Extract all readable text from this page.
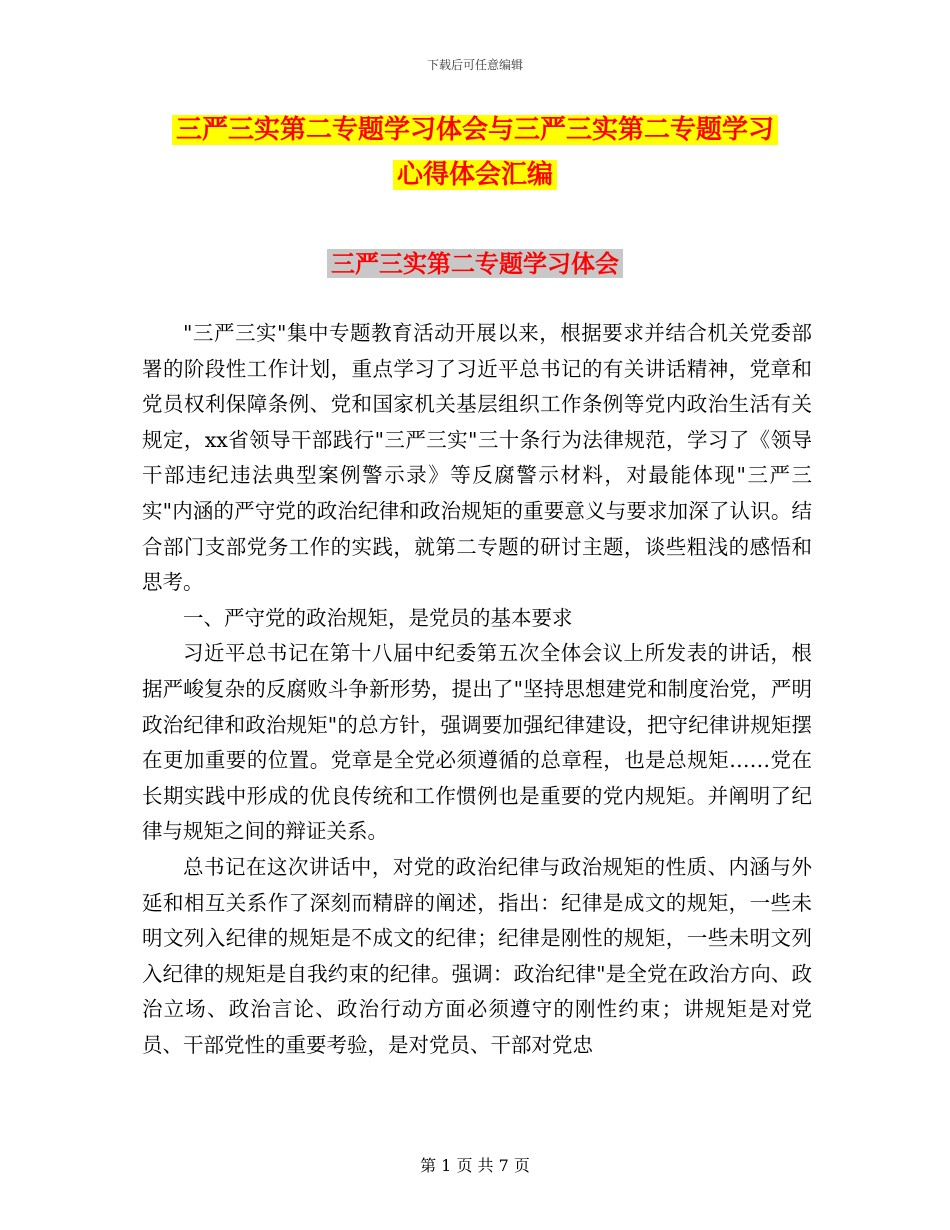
下载后可任意编辑
三严三实第二专题学习体会与三严三实第二专题学习
心得体会汇编
三严三实第二专题学习体会

"三严三实"集中专题教育活动开展以来，根据要求并结合机关党委部署的阶段性工作计划，重点学习了习近平总书记的有关讲话精神，党章和党员权利保障条例、党和国家机关基层组织工作条例等党内政治生活有关规定，xx省领导干部践行"三严三实"三十条行为法律规范，学习了《领导干部违纪违法典型案例警示录》等反腐警示材料，对最能体现"三严三实"内涵的严守党的政治纪律和政治规矩的重要意义与要求加深了认识。结合部门支部党务工作的实践，就第二专题的研讨主题，谈些粗浅的感悟和思考。

一、严守党的政治规矩，是党员的基本要求

习近平总书记在第十八届中纪委第五次全体会议上所发表的讲话，根据严峻复杂的反腐败斗争新形势，提出了"坚持思想建党和制度治党，严明政治纪律和政治规矩"的总方针，强调要加强纪律建设，把守纪律讲规矩摆在更加重要的位置。党章是全党必须遵循的总章程，也是总规矩……党在长期实践中形成的优良传统和工作惯例也是重要的党内规矩。并阐明了纪律与规矩之间的辩证关系。

总书记在这次讲话中，对党的政治纪律与政治规矩的性质、内涵与外延和相互关系作了深刻而精辟的阐述，指出：纪律是成文的规矩，一些未明文列入纪律的规矩是不成文的纪律；纪律是刚性的规矩，一些未明文列入纪律的规矩是自我约束的纪律。强调：政治纪律"是全党在政治方向、政治立场、政治言论、政治行动方面必须遵守的刚性约束；讲规矩是对党员、干部党性的重要考验，是对党员、干部对党忠

第 1 页 共 7 页
